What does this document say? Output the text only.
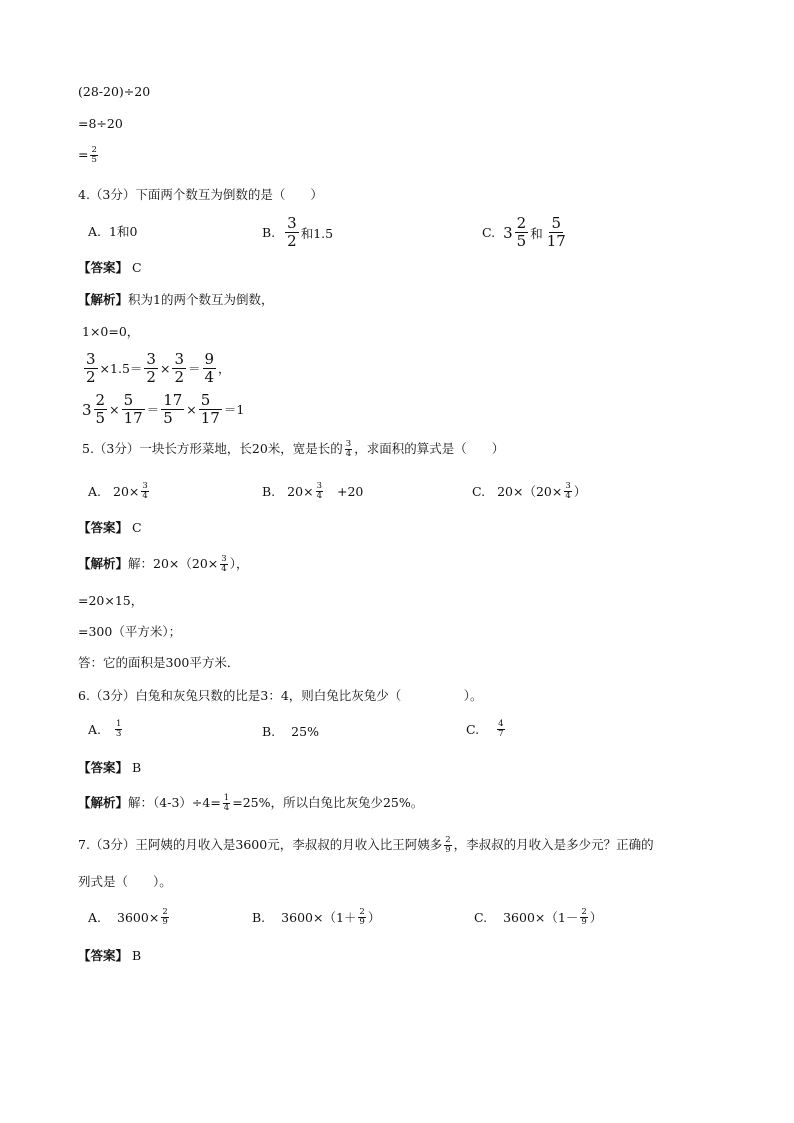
(28-20)÷20
=8÷20
= $\frac{2}{5}$
4.（3分）下面两个数互为倒数的是（　　）
A. 1和0	B. $\frac{3}{2}$ 和1.5	C. $3 \frac{2}{5}$ 和 $\frac{5}{17}$
【答案】 C
【解析】 积为1的两个数互为倒数，
1×0=0，
$\frac{3}{2} \times 1.5= \frac{3}{2} \times \frac{3}{2} = \frac{9}{4}$ ，
$3 \frac{2}{5} \times \frac{5}{17} = \frac{17}{5} \times \frac{5}{17} =1$
5.（3分）一块长方形菜地，长20米，宽是长的 $\frac{3}{4}$ ，求面积的算式是（　　）
A. $20\times \frac{3}{4}$	B. $20\times \frac{3}{4} +20$	C. $20\times(20\times \frac{3}{4}$ ）
【答案】 C
【解析】 解：$20\times(20\times \frac{3}{4}$ ），
=20×15，
=300（平方米）；
答：它的面积是300平方米．
6.（3分）白兔和灰兔只数的比是3：4，则白兔比灰兔少（　　　　　）。
A. $\frac{1}{3}$	B. 25%	C. $\frac{4}{7}$
【答案】 B
【解析】 解：$(4-3)\div 4= \frac{1}{4} =25\%$，所以白兔比灰兔少25%。
7.（3分）王阿姨的月收入是3600元，李叔叔的月收入比王阿姨多 $\frac{2}{9}$ ，李叔叔的月收入是多少元？正确的
列式是（　　）。
A. $3600\times \frac{2}{9}$	B. $3600\times(1+ \frac{2}{9}$ ）	C. $3600\times(1- \frac{2}{9}$ ）
【答案】 B
